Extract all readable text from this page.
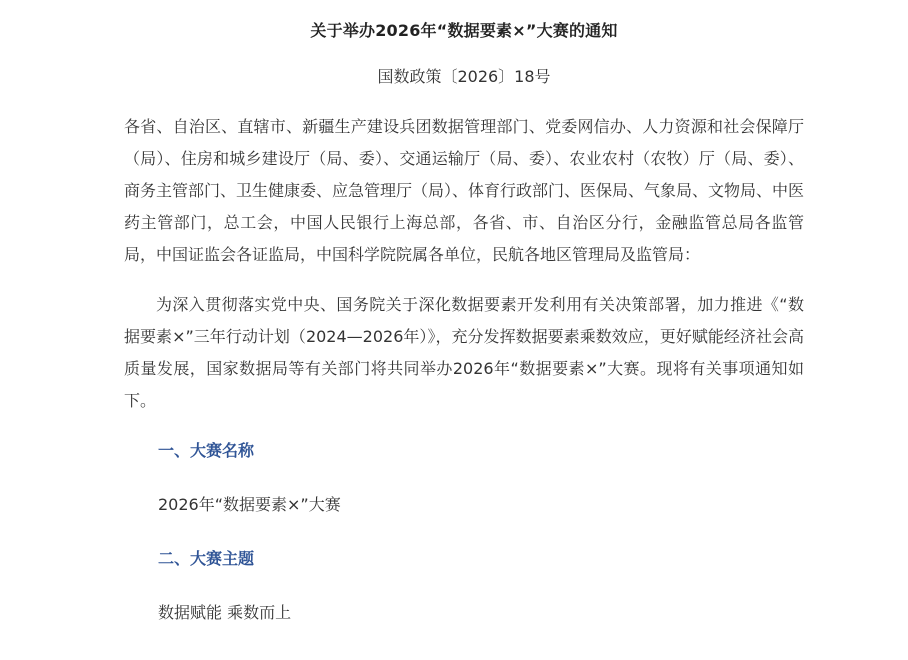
关于举办2026年“数据要素×”大赛的通知

国数政策〔2026〕18号

各省、自治区、直辖市、新疆生产建设兵团数据管理部门、党委网信办、人力资源和社会保障厅（局）、住房和城乡建设厅（局、委）、交通运输厅（局、委）、农业农村（农牧）厅（局、委）、商务主管部门、卫生健康委、应急管理厅（局）、体育行政部门、医保局、气象局、文物局、中医药主管部门，总工会，中国人民银行上海总部，各省、市、自治区分行，金融监管总局各监管局，中国证监会各证监局，中国科学院院属各单位，民航各地区管理局及监管局：

为深入贯彻落实党中央、国务院关于深化数据要素开发利用有关决策部署，加力推进《“数据要素×”三年行动计划（2024—2026年）》，充分发挥数据要素乘数效应，更好赋能经济社会高质量发展，国家数据局等有关部门将共同举办2026年“数据要素×”大赛。现将有关事项通知如下。

一、大赛名称

2026年“数据要素×”大赛

二、大赛主题

数据赋能 乘数而上
